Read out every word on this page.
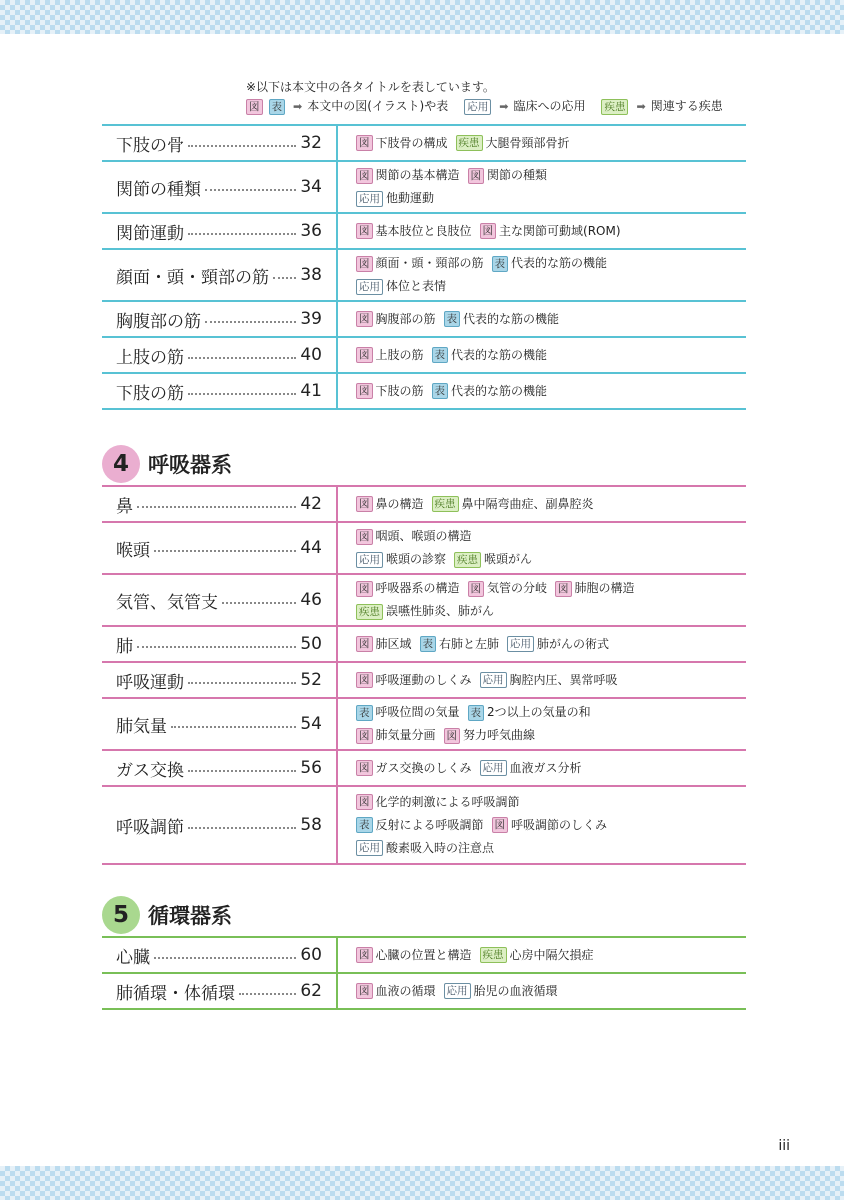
※以下は本文中の各タイトルを表しています。
図 表 ➡ 本文中の図(イラスト)や表 応用 ➡ 臨床への応用 疾患 ➡ 関連する疾患
下肢の骨	32	図 下肢骨の構成 疾患 大腿骨頸部骨折
関節の種類	34
図 関節の基本構造 図 関節の種類
応用 他動運動
関節運動	36	図 基本肢位と良肢位 図 主な関節可動域(ROM)
顔面・頭・頸部の筋 38
図 顔面・頭・頸部の筋 表 代表的な筋の機能
応用 体位と表情
胸腹部の筋	39	図 胸腹部の筋 表 代表的な筋の機能
上肢の筋	40	図 上肢の筋 表 代表的な筋の機能
下肢の筋	41	図 下肢の筋 表 代表的な筋の機能
4 呼吸器系
鼻	42	図 鼻の構造 疾患 鼻中隔弯曲症、副鼻腔炎
喉頭	44
図 咽頭、喉頭の構造
応用 喉頭の診察 疾患 喉頭がん
気管、気管支	46
図 呼吸器系の構造 図 気管の分岐 図 肺胞の構造
疾患 誤嚥性肺炎、肺がん
肺	50	図 肺区域 表 右肺と左肺 応用 肺がんの術式
呼吸運動	52	図 呼吸運動のしくみ 応用 胸腔内圧、異常呼吸
肺気量	54
表 呼吸位間の気量 表 2つ以上の気量の和
図 肺気量分画 図 努力呼気曲線
ガス交換	56	図 ガス交換のしくみ 応用 血液ガス分析
呼吸調節	58
図 化学的刺激による呼吸調節
表 反射による呼吸調節 図 呼吸調節のしくみ
応用 酸素吸入時の注意点
5 循環器系
心臓	60	図 心臓の位置と構造 疾患 心房中隔欠損症
肺循環・体循環	62	図 血液の循環 応用 胎児の血液循環
iii
